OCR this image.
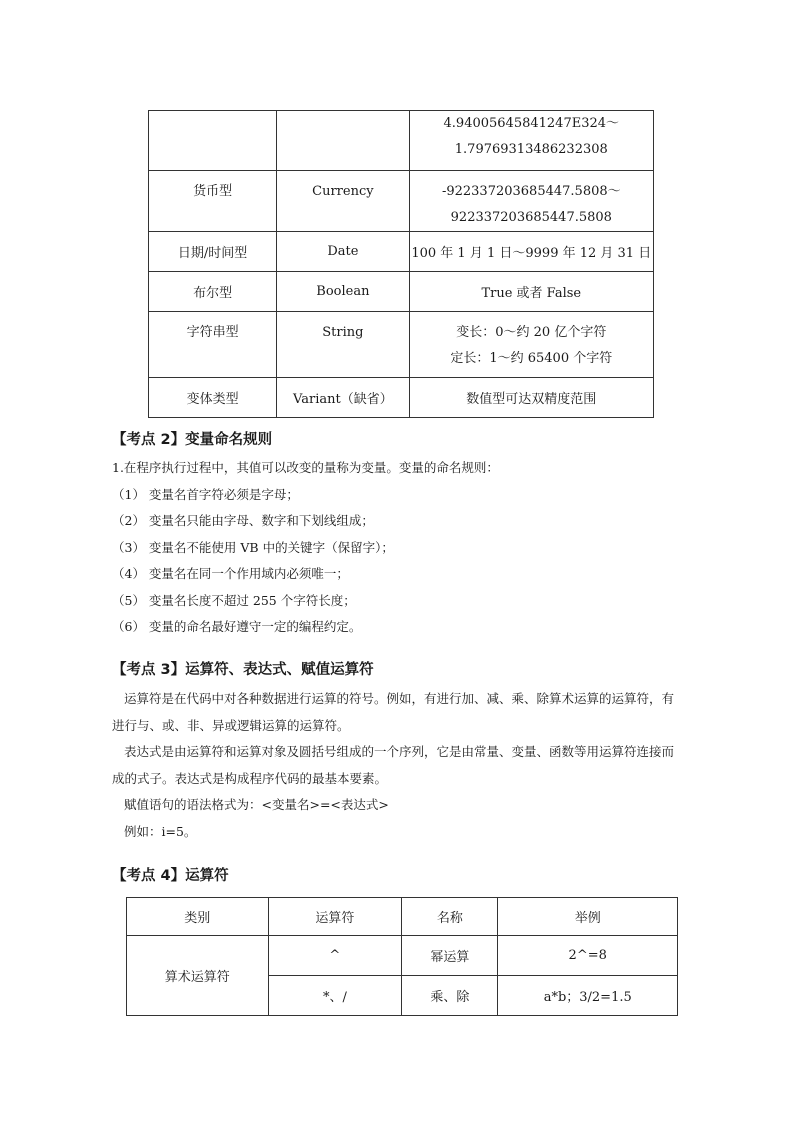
		4.94005645841247E324～
1.79769313486232308

货币型	Currency	-922337203685447.5808～
922337203685447.5808

日期/时间型	Date	100 年 1 月 1 日～9999 年 12 月 31 日

布尔型	Boolean	True 或者 False

字符串型	String	变长：0～约 20 亿个字符
定长：1～约 65400 个字符

变体类型	Variant（缺省）	数值型可达双精度范围
【考点 2】变量命名规则

1.在程序执行过程中，其值可以改变的量称为变量。变量的命名规则：

（1） 变量名首字符必须是字母；

（2） 变量名只能由字母、数字和下划线组成；

（3） 变量名不能使用 VB 中的关键字（保留字）；

（4） 变量名在同一个作用域内必须唯一；

（5） 变量名长度不超过 255 个字符长度；

（6） 变量的命名最好遵守一定的编程约定。

【考点 3】运算符、表达式、赋值运算符

运算符是在代码中对各种数据进行运算的符号。例如，有进行加、减、乘、除算术运算的运算符，有

进行与、或、非、异或逻辑运算的运算符。

表达式是由运算符和运算对象及圆括号组成的一个序列，它是由常量、变量、函数等用运算符连接而

成的式子。表达式是构成程序代码的最基本要素。

赋值语句的语法格式为：<变量名>=<表达式>

例如：i=5。

【考点 4】运算符
类别	运算符	名称	举例
算术运算符	^	幂运算	2^=8
	*、/	乘、除	a*b；3/2=1.5
